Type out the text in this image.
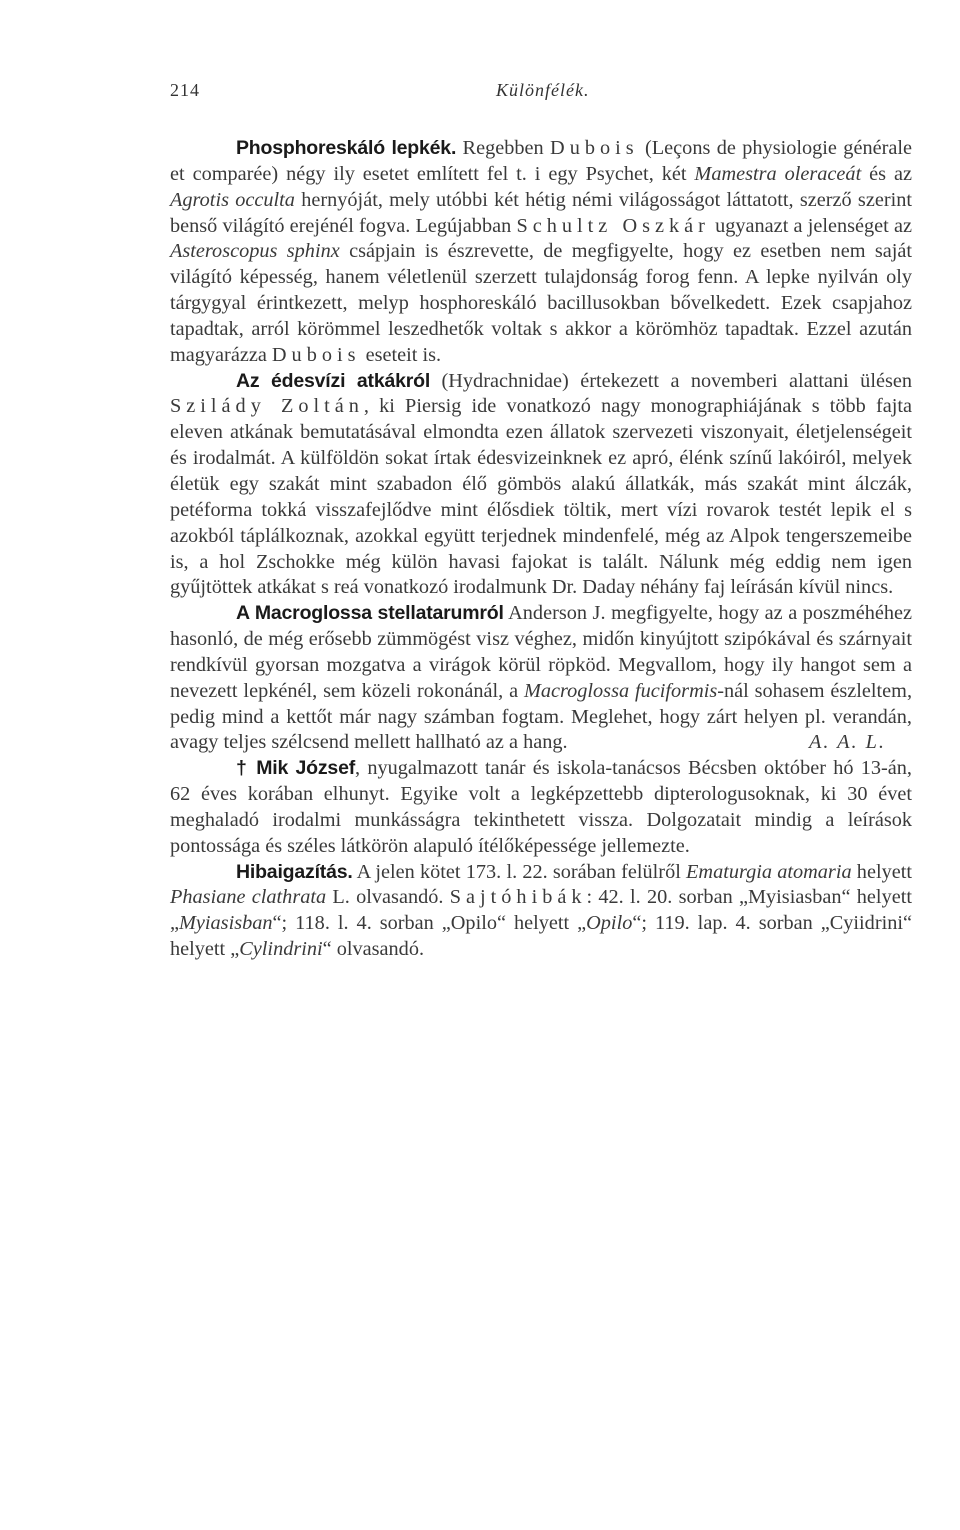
214	Különfélék.

Phosphoreskáló lepkék. Regebben Dubois (Leçons de physiologie générale et comparée) négy ily esetet említett fel t. i egy Psychet, két Mamestra oleraceát és az Agrotis occulta hernyóját, mely utóbbi két hétig némi világosságot láttatott, szerző szerint benső világító erejénél fogva. Legújabban Schultz Oszkár ugyanazt a jelenséget az Asteroscopus sphinx csápjain is észrevette, de megfigyelte, hogy ez esetben nem saját világító képesség, hanem véletlenül szerzett tulajdonság forog fenn. A lepke nyilván oly tárgygyal érintkezett, melyp hosphoreskáló bacillusokban bővelkedett. Ezek csapjahoz tapadtak, arról körömmel leszedhetők voltak s akkor a körömhöz tapadtak. Ezzel azután magyarázza Dubois eseteit is.

Az édesvízi atkákról (Hydrachnidae) értekezett a novemberi alattani ülésen Szilády Zoltán, ki Piersig ide vonatkozó nagy monographiájának s több fajta eleven atkának bemutatásával elmondta ezen állatok szervezeti viszonyait, életjelenségeit és irodalmát. A külföldön sokat írtak édesvizeinknek ez apró, élénk színű lakóiról, melyek életük egy szakát mint szabadon élő gömbös alakú állatkák, más szakát mint álczák, petéforma tokká visszafejlődve mint élősdiek töltik, mert vízi rovarok testét lepik el s azokból táplálkoznak, azokkal együtt terjednek mindenfelé, még az Alpok tengerszemeibe is, a hol Zschokke még külön havasi fajokat is talált. Nálunk még eddig nem igen gyűjtöttek atkákat s reá vonatkozó irodalmunk Dr. Daday néhány faj leírásán kívül nincs.

A Macroglossa stellatarumról Anderson J. megfigyelte, hogy az a poszméhéhez hasonló, de még erősebb zümmögést visz véghez, midőn kinyújtott szipókával és szárnyait rendkívül gyorsan mozgatva a virágok körül röpköd. Megvallom, hogy ily hangot sem a nevezett lepkénél, sem közeli rokonánál, a Macroglossa fuciformis-nál sohasem észleltem, pedig mind a kettőt már nagy számban fogtam. Meglehet, hogy zárt helyen pl. verandán, avagy teljes szélcsend mellett hallható az a hang.	A. A. L.

† Mik József, nyugalmazott tanár és iskola-tanácsos Bécsben október hó 13-án, 62 éves korában elhunyt. Egyike volt a legképzettebb dipterologusoknak, ki 30 évet meghaladó irodalmi munkásságra tekinthetett vissza. Dolgozatait mindig a leírások pontossága és széles látkörön alapuló ítélőképessége jellemezte.

Hibaigazítás. A jelen kötet 173. l. 22. sorában felülről Ematurgia atomaria helyett Phasiane clathrata L. olvasandó. Sajtóhibák: 42. l. 20. sorban „Myisiasban“ helyett „Myiasisban“; 118. l. 4. sorban „Opilo“ helyett „Opilo“; 119. lap. 4. sorban „Cyiidrini“ helyett „Cylindrini“ olvasandó.
